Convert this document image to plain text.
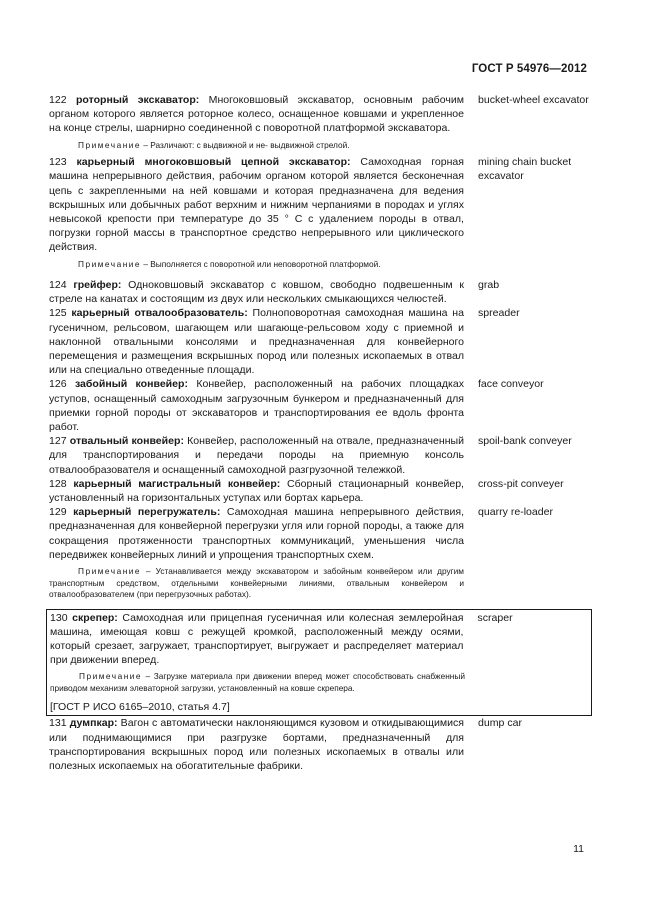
ГОСТ Р 54976—2012
122 роторный экскаватор: Многоковшовый экскаватор, основным рабочим органом которого является роторное колесо, оснащенное ковшами и укрепленное на конце стрелы, шарнирно соединенной с поворотной платформой экскаватора.
bucket-wheel excavator
Примечание – Различают: с выдвижной и не- выдвижной стрелой.
123 карьерный многоковшовый цепной экскаватор: Самоходная горная машина непрерывного действия, рабочим органом которой является бесконечная цепь с закрепленными на ней ковшами и которая предназначена для ведения вскрышных или добычных работ верхним и нижним черпаниями в породах и углях невысокой крепости при температуре до 35 ° С с удалением породы в отвал, погрузки горной массы в транспортное средство непрерывного или циклического действия.
mining chain bucket excavator
Примечание – Выполняется с поворотной или неповоротной платформой.
124 грейфер: Одноковшовый экскаватор с ковшом, свободно подвешенным к стреле на канатах и состоящим из двух или нескольких смыкающихся челюстей.
grab
125 карьерный отвалообразователь: Полноповоротная самоходная машина на гусеничном, рельсовом, шагающем или шагающе-рельсовом ходу с приемной и наклонной отвальными консолями и предназначенная для конвейерного перемещения и размещения вскрышных пород или полезных ископаемых в отвал или на специально отведенные площади.
spreader
126 забойный конвейер: Конвейер, расположенный на рабочих площадках уступов, оснащенный самоходным загрузочным бункером и предназначенный для приемки горной породы от экскаваторов и транспортирования ее вдоль фронта работ.
face conveyor
127 отвальный конвейер: Конвейер, расположенный на отвале, предназначенный для транспортирования и передачи породы на приемную консоль отвалообразователя и оснащенный самоходной разгрузочной тележкой.
spoil-bank conveyer
128 карьерный магистральный конвейер: Сборный стационарный конвейер, установленный на горизонтальных уступах или бортах карьера.
cross-pit conveyer
129 карьерный перегружатель: Самоходная машина непрерывного действия, предназначенная для конвейерной перегрузки угля или горной породы, а также для сокращения протяженности транспортных коммуникаций, уменьшения числа передвижек конвейерных линий и упрощения транспортных схем.
quarry re-loader
Примечание – Устанавливается между экскаватором и забойным конвейером или другим транспортным средством, отдельными конвейерными линиями, отвальным конвейером и отвалообразователем (при перегрузочных работах).
130 скрепер: Самоходная или прицепная гусеничная или колесная землеройная машина, имеющая ковш с режущей кромкой, расположенный между осями, который срезает, загружает, транспортирует, выгружает и распределяет материал при движении вперед.
scraper
Примечание – Загрузке материала при движении вперед может способствовать снабженный приводом механизм элеваторной загрузки, установленный на ковше скрепера.
[ГОСТ Р ИСО 6165–2010, статья 4.7]
131 думпкар: Вагон с автоматически наклоняющимся кузовом и откидывающимися или поднимающимися при разгрузке бортами, предназначенный для транспортирования вскрышных пород или полезных ископаемых в отвалы или полезных ископаемых на обогатительные фабрики.
dump car
11
